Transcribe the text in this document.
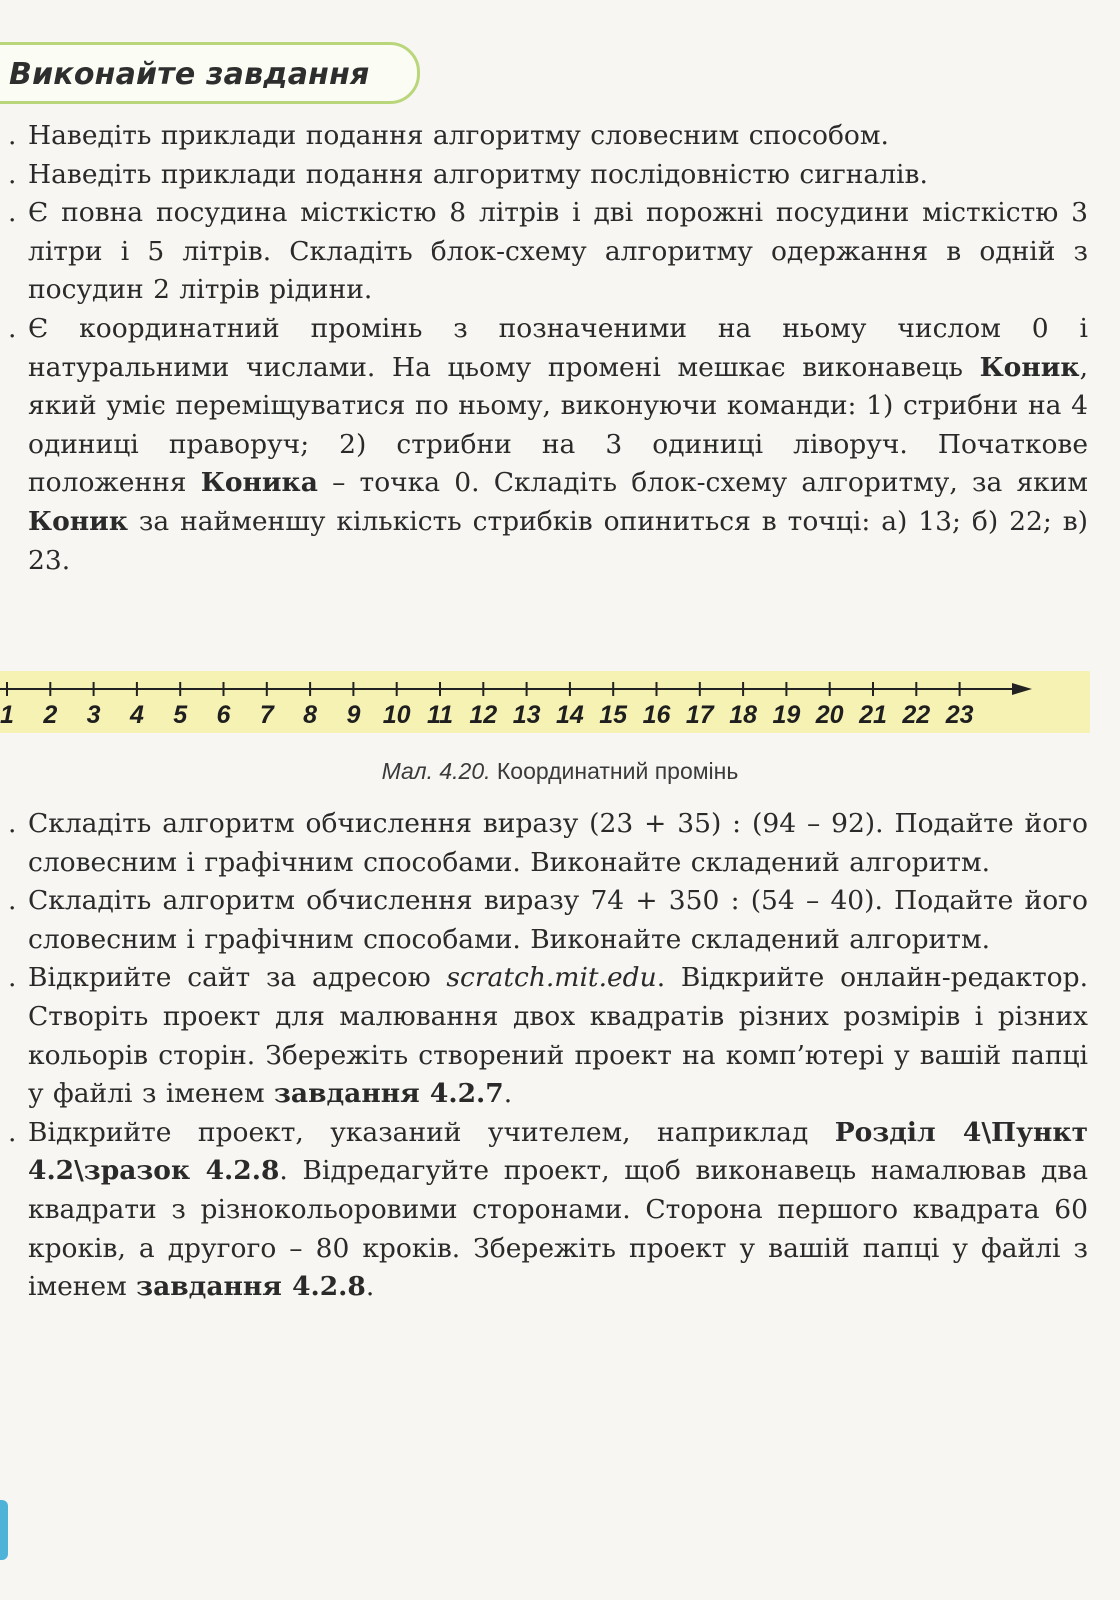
Виконайте завдання
. Наведіть приклади подання алгоритму словесним способом.
. Наведіть приклади подання алгоритму послідовністю сигналів.
. Є повна посудина місткістю 8 літрів і дві порожні посудини місткістю 3 літри і 5 літрів. Складіть блок-схему алгоритму одержання в одній з посудин 2 літрів рідини.
. Є координатний промінь з позначеними на ньому числом 0 і натуральними числами. На цьому промені мешкає виконавець Коник, який уміє переміщуватися по ньому, виконуючи команди: 1) стрибни на 4 одиниці праворуч; 2) стрибни на 3 одиниці ліворуч. Початкове положення Коника – точка 0. Складіть блок-схему алгоритму, за яким Коник за найменшу кількість стрибків опиниться в точці: а) 13; б) 22; в) 23.
1 2 3 4 5 6 7 8 9 10 11 12 13 14 15 16 17 18 19 20 21 22 23
Мал. 4.20. Координатний промінь
. Складіть алгоритм обчислення виразу (23 + 35) : (94 – 92). Подайте його словесним і графічним способами. Виконайте складений алгоритм.
. Складіть алгоритм обчислення виразу 74 + 350 : (54 – 40). Подайте його словесним і графічним способами. Виконайте складений алгоритм.
. Відкрийте сайт за адресою scratch.mit.edu. Відкрийте онлайн-редактор. Створіть проект для малювання двох квадратів різних розмірів і різних кольорів сторін. Збережіть створений проект на комп’ютері у вашій папці у файлі з іменем завдання 4.2.7.
. Відкрийте проект, указаний учителем, наприклад Розділ 4\Пункт 4.2\зразок 4.2.8. Відредагуйте проект, щоб виконавець намалював два квадрати з різнокольоровими сторонами. Сторона першого квадрата 60 кроків, а другого – 80 кроків. Збережіть проект у вашій папці у файлі з іменем завдання 4.2.8.
